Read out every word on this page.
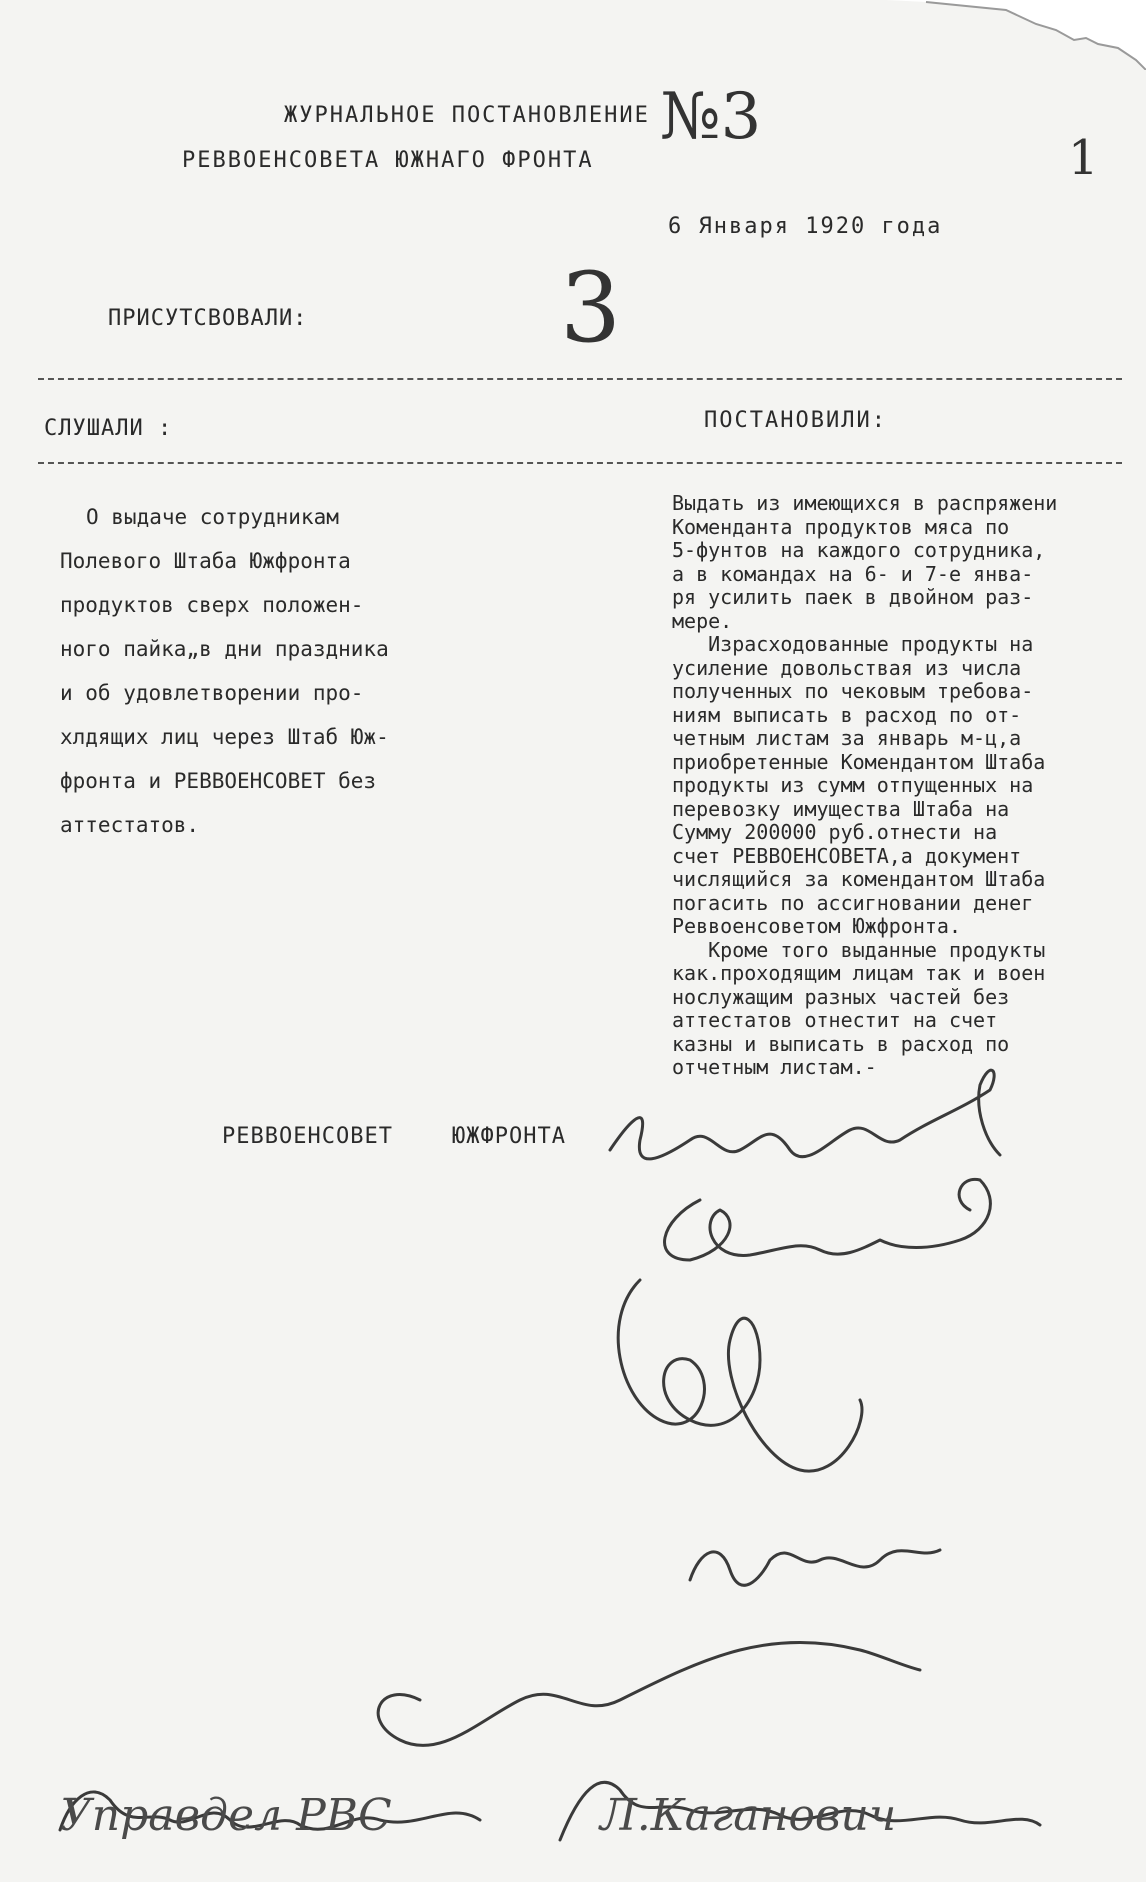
ЖУРНАЛЬНОЕ ПОСТАНОВЛЕНИЕ
РЕВВОЕНСОВЕТА ЮЖНАГО ФРОНТА
№3
1
6 Января 1920 года
ПРИСУТСВОВАЛИ:	3
СЛУШАЛИ :	ПОСТАНОВИЛИ:
О выдаче сотрудникам
Полевого Штаба Южфронта
продуктов сверх положен-
ного пайка„в дни праздника
и об удовлетворении про-
хлдящих лиц через Штаб Юж-
фронта и РЕВВОЕНСОВЕТ без
аттестатов.
Выдать из имеющихся в распряжени
Коменданта продуктов мяса по
5-фунтов на каждого сотрудника,
а в командах на 6- и 7-е янва-
ря усилить паек в двойном раз-
мере.
Израсходованные продукты на
усиление довольствая из числа
полученных по чековым требова-
ниям выписать в расход по от-
четным листам за январь м-ц,а
приобретенные Комендантом Штаба
продукты из сумм отпущенных на
перевозку имущества Штаба на
Сумму 200000 руб.отнести на
счет РЕВВОЕНСОВЕТА,а документ
числящийся за комендантом Штаба
погасить по ассигновании денег
Реввоенсоветом Южфронта.
Кроме того выданные продукты
как.проходящим лицам так и воен
нослужащим разных частей без
аттестатов отнестит на счет
казны и выписать в расход по
отчетным листам.-
РЕВВОЕНСОВЕТ	ЮЖФРОНТА
Управдел РВС	Л.Каганович
